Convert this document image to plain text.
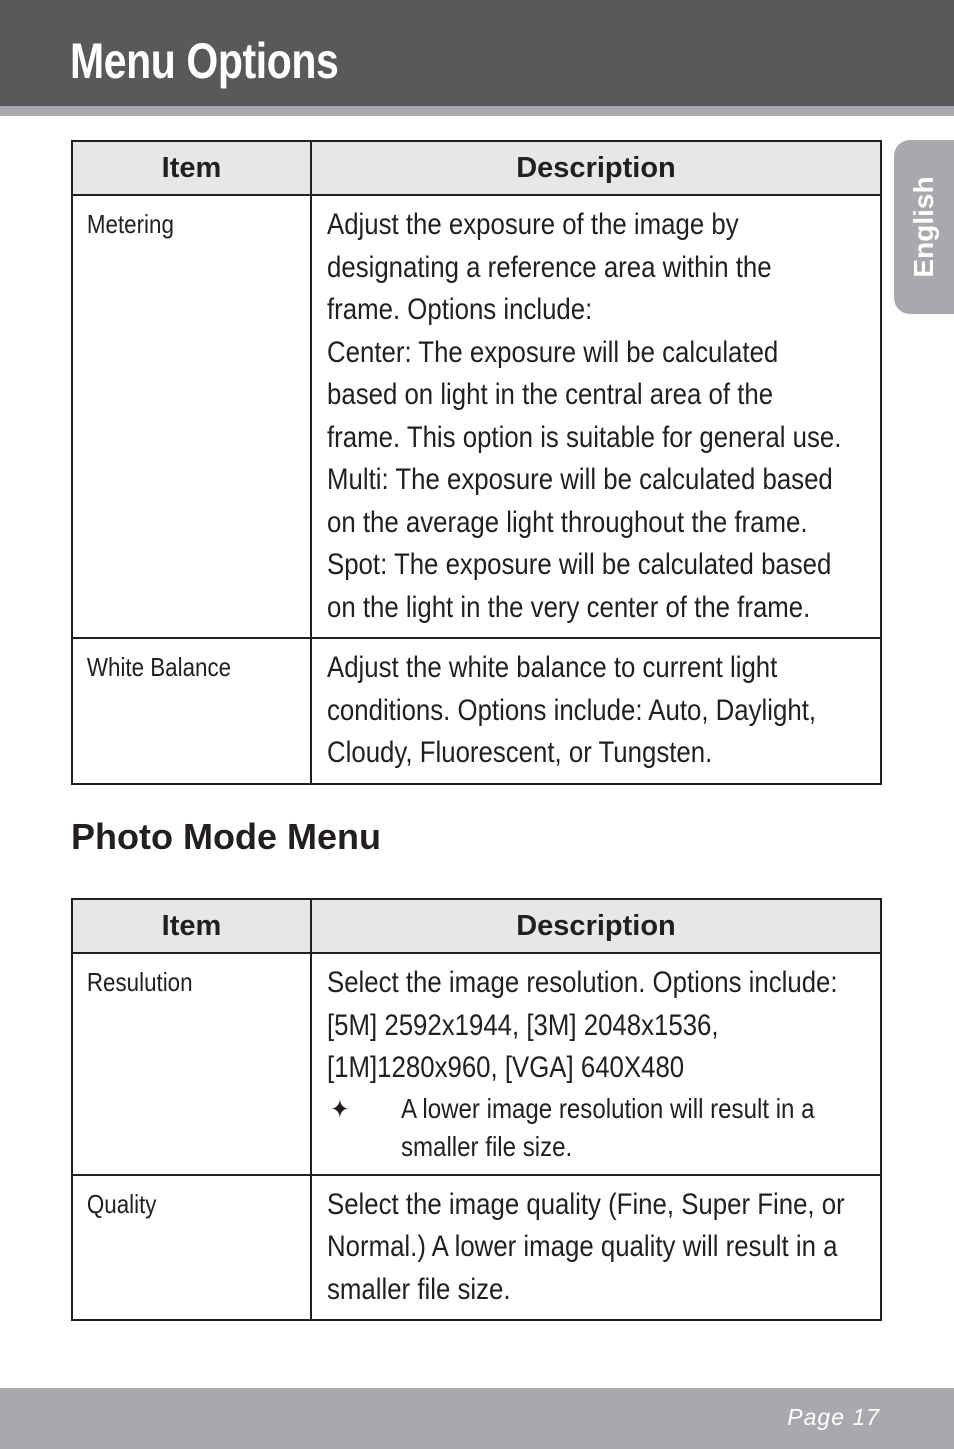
Menu Options
English
Item	Description

Metering	Adjust the exposure of the image by designating a reference area within the frame. Options include:

Center: The exposure will be calculated based on light in the central area of the frame. This option is suitable for general use.

Multi: The exposure will be calculated based on the average light throughout the frame.

Spot: The exposure will be calculated based on the light in the very center of the frame.

White Balance	Adjust the white balance to current light conditions. Options include: Auto, Daylight, Cloudy, Fluorescent, or Tungsten.

Photo Mode Menu
Item	Description

Resulution	Select the image resolution. Options include: [5M] 2592x1944, [3M] 2048x1536, [1M]1280x960, [VGA] 640X480

✦ A lower image resolution will result in a smaller file size.

Quality	Select the image quality (Fine, Super Fine, or Normal.) A lower image quality will result in a smaller file size.

Page 17
